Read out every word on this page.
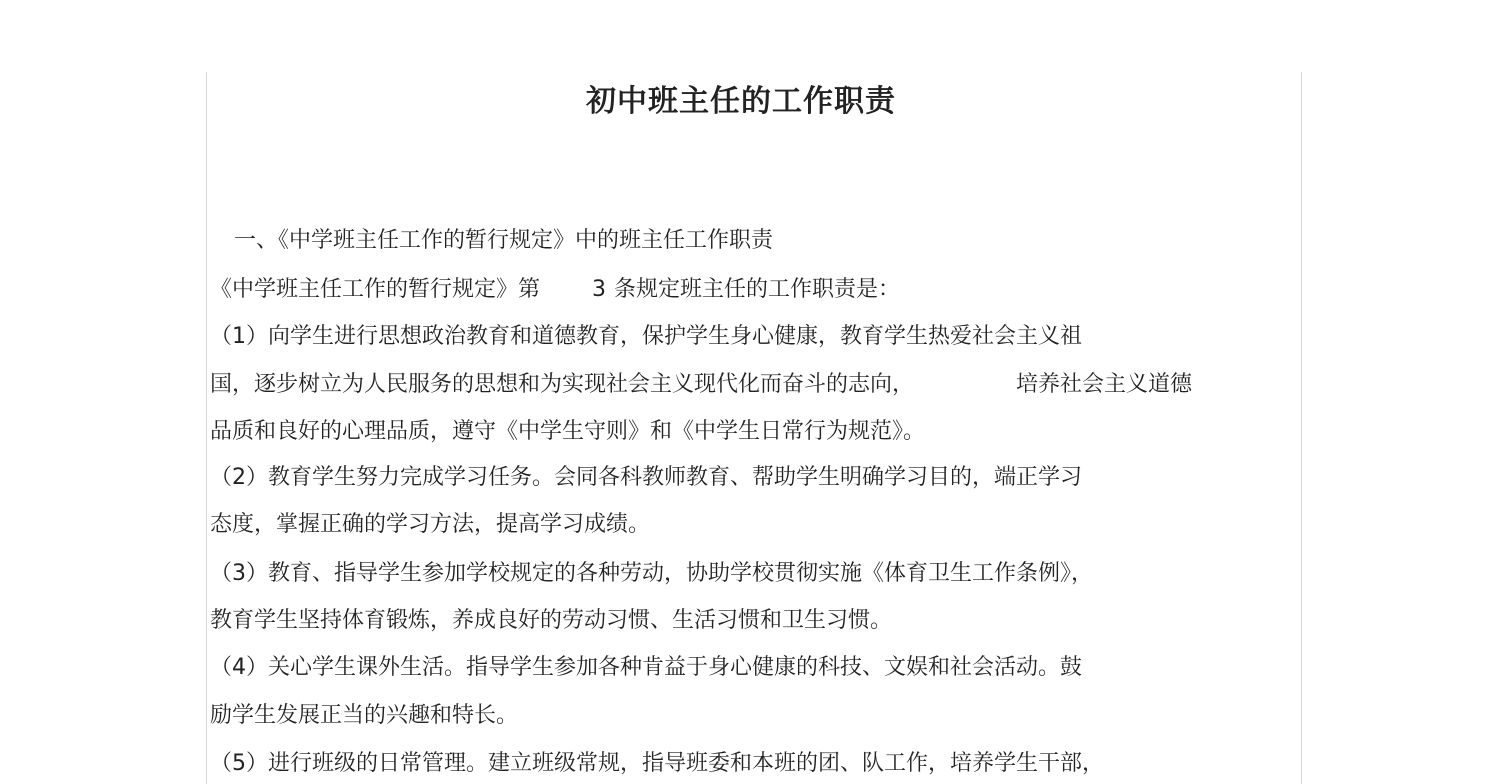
初中班主任的工作职责
一、《中学班主任工作的暂行规定》中的班主任工作职责
《中学班主任工作的暂行规定》第 3 条规定班主任的工作职责是：
（1）向学生进行思想政治教育和道德教育，保护学生身心健康，教育学生热爱社会主义祖
国，逐步树立为人民服务的思想和为实现社会主义现代化而奋斗的志向，	培养社会主义道德
品质和良好的心理品质，遵守《中学生守则》和《中学生日常行为规范》。
（2）教育学生努力完成学习任务。会同各科教师教育、帮助学生明确学习目的，端正学习
态度，掌握正确的学习方法，提高学习成绩。
（3）教育、指导学生参加学校规定的各种劳动，协助学校贯彻实施《体育卫生工作条例》，
教育学生坚持体育锻炼，养成良好的劳动习惯、生活习惯和卫生习惯。
（4）关心学生课外生活。指导学生参加各种肯益于身心健康的科技、文娱和社会活动。鼓
励学生发展正当的兴趣和特长。
（5）进行班级的日常管理。建立班级常规，指导班委和本班的团、队工作，培养学生干部，
